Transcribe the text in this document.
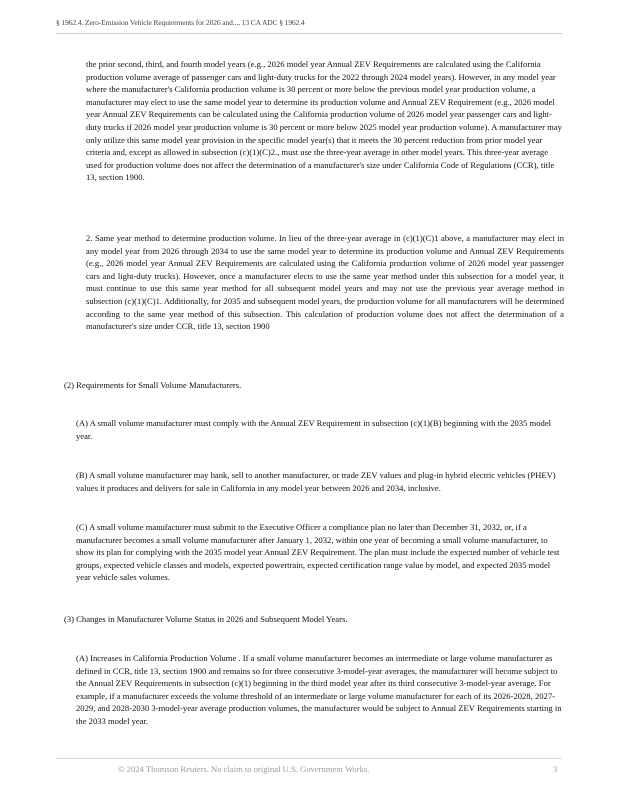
§ 1962.4. Zero-Emission Vehicle Requirements for 2026 and..., 13 CA ADC § 1962.4

the prior second, third, and fourth model years (e.g., 2026 model year Annual ZEV Requirements are calculated using the California production volume average of passenger cars and light-duty trucks for the 2022 through 2024 model years). However, in any model year where the manufacturer's California production volume is 30 percent or more below the previous model year production volume, a manufacturer may elect to use the same model year to determine its production volume and Annual ZEV Requirement (e.g., 2026 model year Annual ZEV Requirements can be calculated using the California production volume of 2026 model year passenger cars and light-duty trucks if 2026 model year production volume is 30 percent or more below 2025 model year production volume). A manufacturer may only utilize this same model year provision in the specific model year(s) that it meets the 30 percent reduction from prior model year criteria and, except as allowed in subsection (c)(1)(C)2., must use the three-year average in other model years. This three-year average used for production volume does not affect the determination of a manufacturer's size under California Code of Regulations (CCR), title 13, section 1900.

2. Same year method to determine production volume. In lieu of the three-year average in (c)(1)(C)1 above, a manufacturer may elect in any model year from 2026 through 2034 to use the same model year to determine its production volume and Annual ZEV Requirements (e.g., 2026 model year Annual ZEV Requirements are calculated using the California production volume of 2026 model year passenger cars and light-duty trucks). However, once a manufacturer elects to use the same year method under this subsection for a model year, it must continue to use this same year method for all subsequent model years and may not use the previous year average method in subsection (c)(1)(C)1. Additionally, for 2035 and subsequent model years, the production volume for all manufacturers will be determined according to the same year method of this subsection. This calculation of production volume does not affect the determination of a manufacturer's size under CCR, title 13, section 1900

(2) Requirements for Small Volume Manufacturers.

(A) A small volume manufacturer must comply with the Annual ZEV Requirement in subsection (c)(1)(B) beginning with the 2035 model year.

(B) A small volume manufacturer may bank, sell to another manufacturer, or trade ZEV values and plug-in hybrid electric vehicles (PHEV) values it produces and delivers for sale in California in any model year between 2026 and 2034, inclusive.

(C) A small volume manufacturer must submit to the Executive Officer a compliance plan no later than December 31, 2032, or, if a manufacturer becomes a small volume manufacturer after January 1, 2032, within one year of becoming a small volume manufacturer, to show its plan for complying with the 2035 model year Annual ZEV Requirement. The plan must include the expected number of vehicle test groups, expected vehicle classes and models, expected powertrain, expected certification range value by model, and expected 2035 model year vehicle sales volumes.

(3) Changes in Manufacturer Volume Status in 2026 and Subsequent Model Years.

(A) Increases in California Production Volume . If a small volume manufacturer becomes an intermediate or large volume manufacturer as defined in CCR, title 13, section 1900 and remains so for three consecutive 3-model-year averages, the manufacturer will become subject to the Annual ZEV Requirements in subsection (c)(1) beginning in the third model year after its third consecutive 3-model-year average. For example, if a manufacturer exceeds the volume threshold of an intermediate or large volume manufacturer for each of its 2026-2028, 2027-2029, and 2028-2030 3-model-year average production volumes, the manufacturer would be subject to Annual ZEV Requirements starting in the 2033 model year.

© 2024 Thomson Reuters. No claim to original U.S. Government Works.	3
